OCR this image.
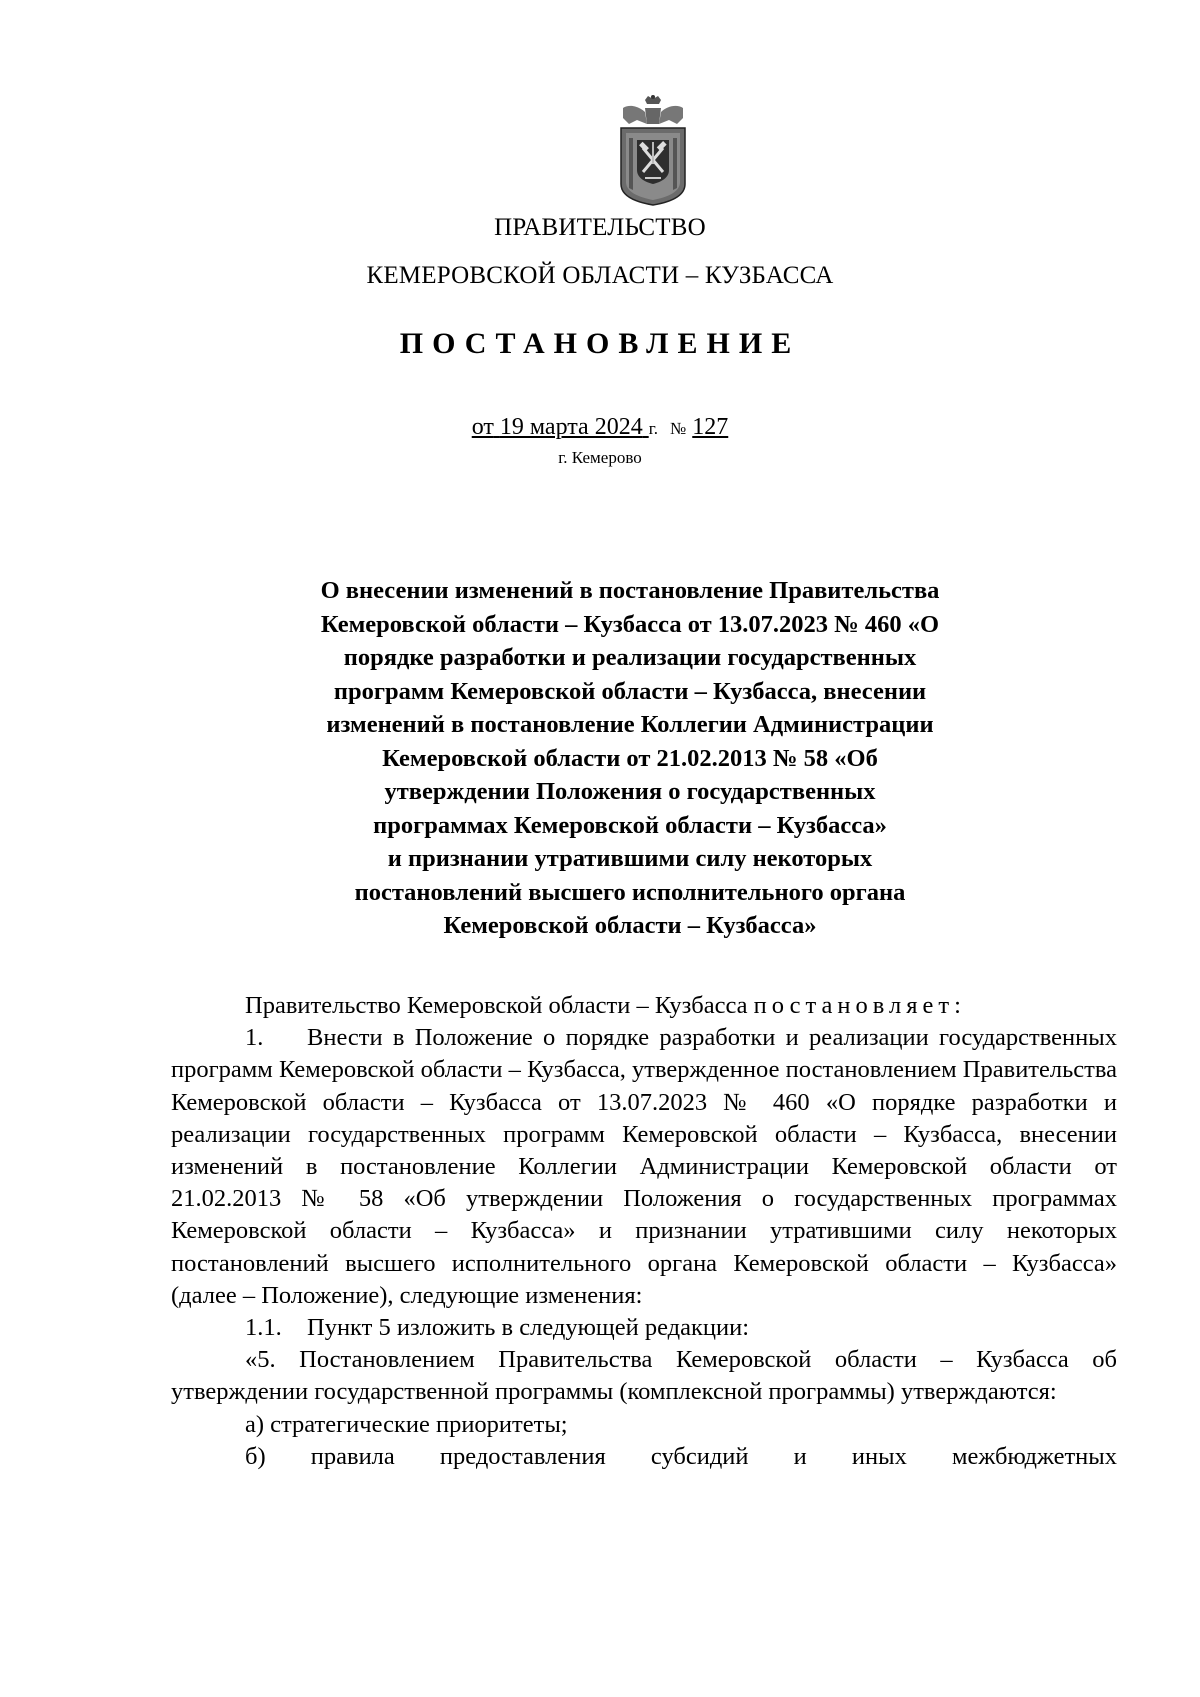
ПРАВИТЕЛЬСТВО
КЕМЕРОВСКОЙ ОБЛАСТИ – КУЗБАССА
ПОСТАНОВЛЕНИЕ
от 19 марта 2024 г. № 127
г. Кемерово
О внесении изменений в постановление Правительства
Кемеровской области – Кузбасса от 13.07.2023 № 460 «О
порядке разработки и реализации государственных
программ Кемеровской области – Кузбасса, внесении
изменений в постановление Коллегии Администрации
Кемеровской области от 21.02.2013 № 58 «Об
утверждении Положения о государственных
программах Кемеровской области – Кузбасса»
и признании утратившими силу некоторых
постановлений высшего исполнительного органа
Кемеровской области – Кузбасса»

Правительство Кемеровской области – Кузбасса постановляет:

1. Внести в Положение о порядке разработки и реализации государственных программ Кемеровской области – Кузбасса, утвержденное постановлением Правительства Кемеровской области – Кузбасса от 13.07.2023 № 460 «О порядке разработки и реализации государственных программ Кемеровской области – Кузбасса, внесении изменений в постановление Коллегии Администрации Кемеровской области от 21.02.2013 № 58 «Об утверждении Положения о государственных программах Кемеровской области – Кузбасса» и признании утратившими силу некоторых постановлений высшего исполнительного органа Кемеровской области – Кузбасса» (далее – Положение), следующие изменения:

1.1. Пункт 5 изложить в следующей редакции:

«5. Постановлением Правительства Кемеровской области – Кузбасса об утверждении государственной программы (комплексной программы) утверждаются:

а) стратегические приоритеты;

б) правила предоставления субсидий и иных межбюджетных
